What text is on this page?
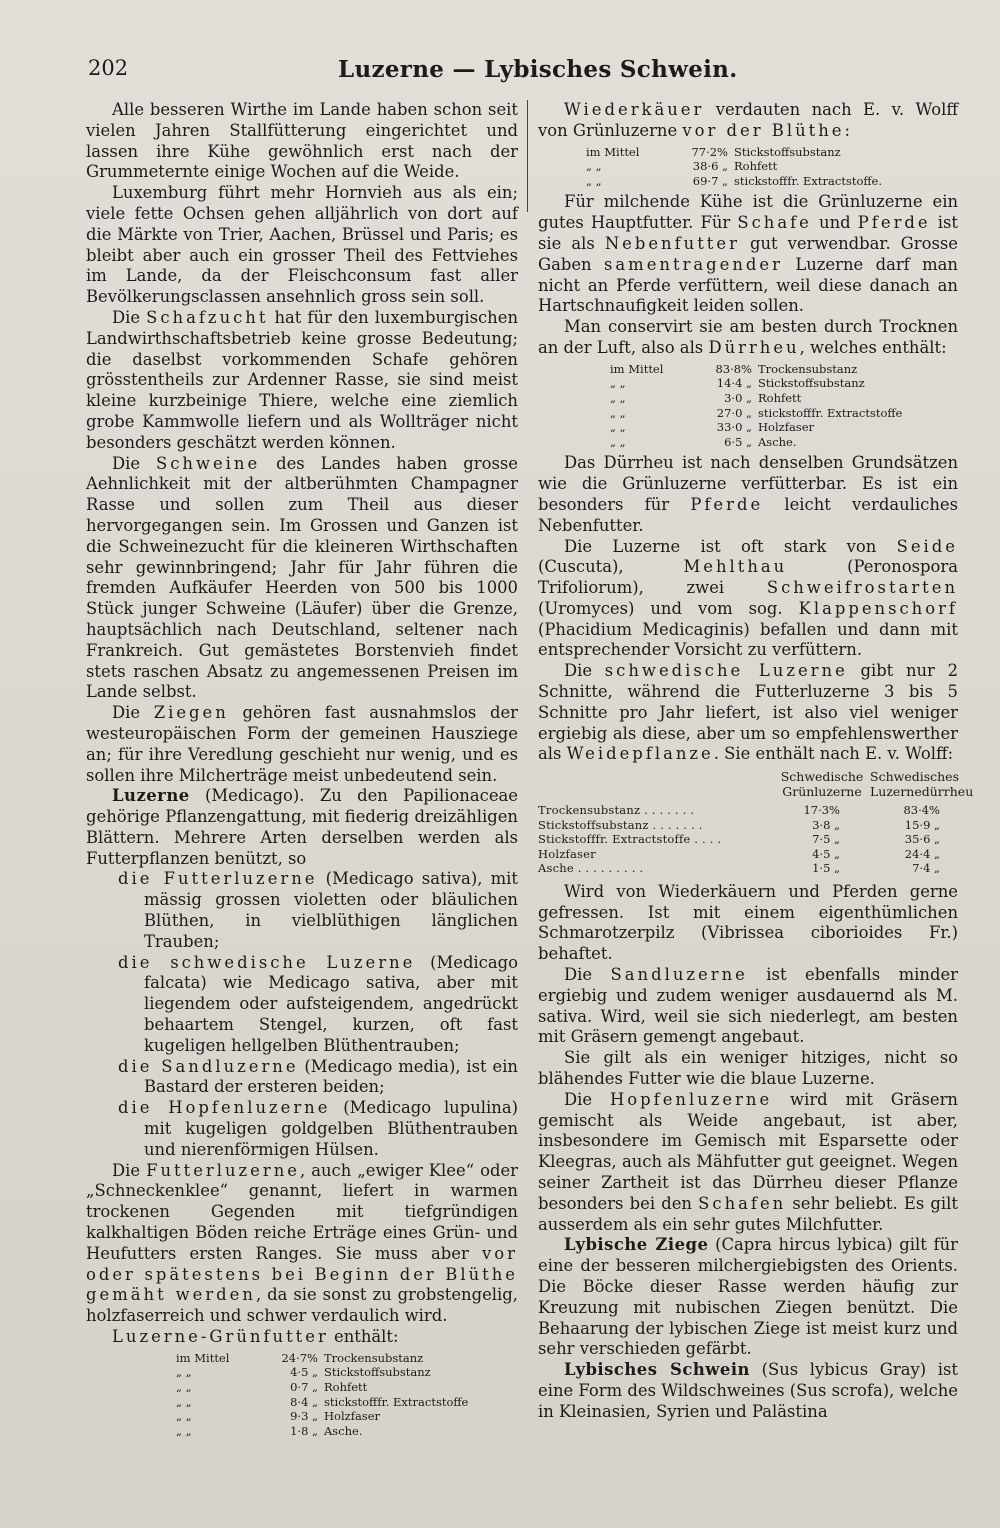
202	Luzerne — Lybisches Schwein.

Alle besseren Wirthe im Lande haben schon seit vielen Jahren Stallfütterung eingerichtet und lassen ihre Kühe gewöhnlich erst nach der Grummeternte einige Wochen auf die Weide.

Luxemburg führt mehr Hornvieh aus als ein; viele fette Ochsen gehen alljährlich von dort auf die Märkte von Trier, Aachen, Brüssel und Paris; es bleibt aber auch ein grosser Theil des Fettviehes im Lande, da der Fleischconsum fast aller Bevölkerungsclassen ansehnlich gross sein soll.

Die Schafzucht hat für den luxemburgischen Landwirthschaftsbetrieb keine grosse Bedeutung; die daselbst vorkommenden Schafe gehören grösstentheils zur Ardenner Rasse, sie sind meist kleine kurzbeinige Thiere, welche eine ziemlich grobe Kammwolle liefern und als Wollträger nicht besonders geschätzt werden können.

Die Schweine des Landes haben grosse Aehnlichkeit mit der altberühmten Champagner Rasse und sollen zum Theil aus dieser hervorgegangen sein. Im Grossen und Ganzen ist die Schweinezucht für die kleineren Wirthschaften sehr gewinnbringend; Jahr für Jahr führen die fremden Aufkäufer Heerden von 500 bis 1000 Stück junger Schweine (Läufer) über die Grenze, hauptsächlich nach Deutschland, seltener nach Frankreich. Gut gemästetes Borstenvieh findet stets raschen Absatz zu angemessenen Preisen im Lande selbst.

Die Ziegen gehören fast ausnahmslos der westeuropäischen Form der gemeinen Hausziege an; für ihre Veredlung geschieht nur wenig, und es sollen ihre Milcherträge meist unbedeutend sein.

Luzerne (Medicago). Zu den Papilionaceae gehörige Pflanzengattung, mit fiederig dreizähligen Blättern. Mehrere Arten derselben werden als Futterpflanzen benützt, so

die Futterluzerne (Medicago sativa), mit mässig grossen violetten oder bläulichen Blüthen, in vielblüthigen länglichen Trauben;

die schwedische Luzerne (Medicago falcata) wie Medicago sativa, aber mit liegendem oder aufsteigendem, angedrückt behaartem Stengel, kurzen, oft fast kugeligen hellgelben Blüthentrauben;

die Sandluzerne (Medicago media), ist ein Bastard der ersteren beiden;

die Hopfenluzerne (Medicago lupulina) mit kugeligen goldgelben Blüthentrauben und nierenförmigen Hülsen.

Die Futterluzerne, auch „ewiger Klee“ oder „Schneckenklee“ genannt, liefert in warmen trockenen Gegenden mit tiefgründigen kalkhaltigen Böden reiche Erträge eines Grün- und Heufutters ersten Ranges. Sie muss aber vor oder spätestens bei Beginn der Blüthe gemäht werden, da sie sonst zu grobstengelig, holzfaserreich und schwer verdaulich wird.

Luzerne-Grünfutter enthält:

im Mittel	24·7% Trockensubstanz
„ „	4·5 „ Stickstoffsubstanz
„ „	0·7 „ Rohfett
„ „	8·4 „ stickstofffr. Extractstoffe
„ „	9·3 „ Holzfaser
„ „	1·8 „ Asche.

Wiederkäuer verdauten nach E. v. Wolff von Grünluzerne vor der Blüthe:

im Mittel	77·2% Stickstoffsubstanz
„ „	38·6 „ Rohfett
„ „	69·7 „ stickstofffr. Extractstoffe.

Für milchende Kühe ist die Grünluzerne ein gutes Hauptfutter. Für Schafe und Pferde ist sie als Nebenfutter gut verwendbar. Grosse Gaben samentragender Luzerne darf man nicht an Pferde verfüttern, weil diese danach an Hartschnaufigkeit leiden sollen.

Man conservirt sie am besten durch Trocknen an der Luft, also als Dürrheu, welches enthält:

im Mittel	83·8% Trockensubstanz
„ „	14·4 „ Stickstoffsubstanz
„ „	3·0 „ Rohfett
„ „	27·0 „ stickstofffr. Extractstoffe
„ „	33·0 „ Holzfaser
„ „	6·5 „ Asche.

Das Dürrheu ist nach denselben Grundsätzen wie die Grünluzerne verfütterbar. Es ist ein besonders für Pferde leicht verdauliches Nebenfutter.

Die Luzerne ist oft stark von Seide (Cuscuta), Mehlthau (Peronospora Trifoliorum), zwei Schweifrostarten (Uromyces) und vom sog. Klappenschorf (Phacidium Medicaginis) befallen und dann mit entsprechender Vorsicht zu verfüttern.

Die schwedische Luzerne gibt nur 2 Schnitte, während die Futterluzerne 3 bis 5 Schnitte pro Jahr liefert, ist also viel weniger ergiebig als diese, aber um so empfehlenswerther als Weidepflanze. Sie enthält nach E. v. Wolff:

Schwedische Grünluzerne
Schwedisches Luzernedürrheu
Trockensubstanz . . . . . . .	17·3%	83·4%
Stickstoffsubstanz . . . . . . .	3·8 „	15·9 „
Stickstofffr. Extractstoffe . . . .	7·5 „	35·6 „
Holzfaser	4·5 „	24·4 „
Asche . . . . . . . . .	1·5 „	7·4 „

Wird von Wiederkäuern und Pferden gerne gefressen. Ist mit einem eigenthümlichen Schmarotzerpilz (Vibrissea ciborioides Fr.) behaftet.

Die Sandluzerne ist ebenfalls minder ergiebig und zudem weniger ausdauernd als M. sativa. Wird, weil sie sich niederlegt, am besten mit Gräsern gemengt angebaut.

Sie gilt als ein weniger hitziges, nicht so blähendes Futter wie die blaue Luzerne.

Die Hopfenluzerne wird mit Gräsern gemischt als Weide angebaut, ist aber, insbesondere im Gemisch mit Esparsette oder Kleegras, auch als Mähfutter gut geeignet. Wegen seiner Zartheit ist das Dürrheu dieser Pflanze besonders bei den Schafen sehr beliebt. Es gilt ausserdem als ein sehr gutes Milchfutter.

Lybische Ziege (Capra hircus lybica) gilt für eine der besseren milchergiebigsten des Orients. Die Böcke dieser Rasse werden häufig zur Kreuzung mit nubischen Ziegen benützt. Die Behaarung der lybischen Ziege ist meist kurz und sehr verschieden gefärbt.

Lybisches Schwein (Sus lybicus Gray) ist eine Form des Wildschweines (Sus scrofa), welche in Kleinasien, Syrien und Palästina
